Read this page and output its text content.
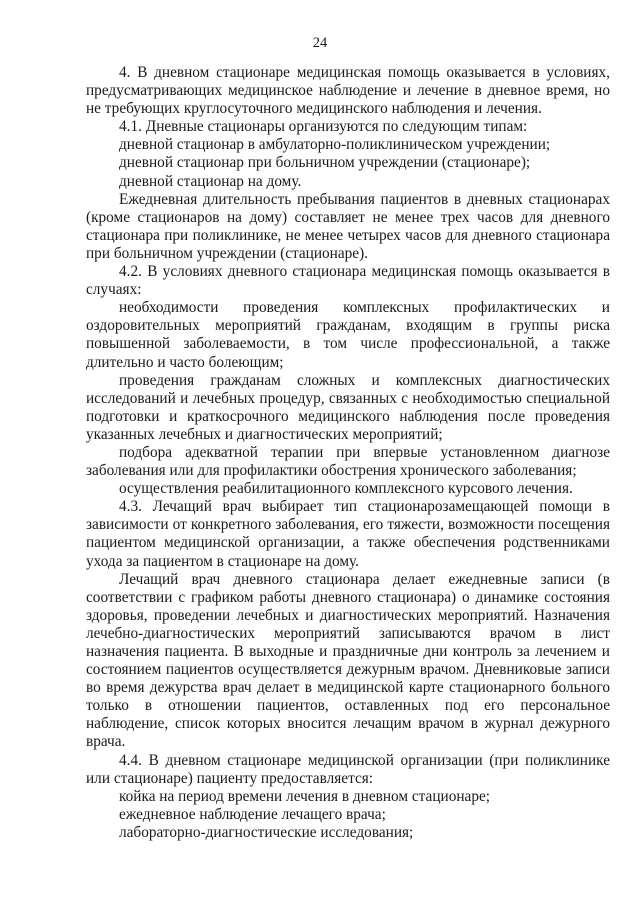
24

4. В дневном стационаре медицинская помощь оказывается в условиях, предусматривающих медицинское наблюдение и лечение в дневное время, но не требующих круглосуточного медицинского наблюдения и лечения.

4.1. Дневные стационары организуются по следующим типам:

дневной стационар в амбулаторно-поликлиническом учреждении;

дневной стационар при больничном учреждении (стационаре);

дневной стационар на дому.

Ежедневная длительность пребывания пациентов в дневных стационарах (кроме стационаров на дому) составляет не менее трех часов для дневного стационара при поликлинике, не менее четырех часов для дневного стационара при больничном учреждении (стационаре).

4.2. В условиях дневного стационара медицинская помощь оказывается в случаях:

необходимости проведения комплексных профилактических и оздоровительных мероприятий гражданам, входящим в группы риска повышенной заболеваемости, в том числе профессиональной, а также длительно и часто болеющим;

проведения гражданам сложных и комплексных диагностических исследований и лечебных процедур, связанных с необходимостью специальной подготовки и краткосрочного медицинского наблюдения после проведения указанных лечебных и диагностических мероприятий;

подбора адекватной терапии при впервые установленном диагнозе заболевания или для профилактики обострения хронического заболевания;

осуществления реабилитационного комплексного курсового лечения.

4.3. Лечащий врач выбирает тип стационарозамещающей помощи в зависимости от конкретного заболевания, его тяжести, возможности посещения пациентом медицинской организации, а также обеспечения родственниками ухода за пациентом в стационаре на дому.

Лечащий врач дневного стационара делает ежедневные записи (в соответствии с графиком работы дневного стационара) о динамике состояния здоровья, проведении лечебных и диагностических мероприятий. Назначения лечебно-диагностических мероприятий записываются врачом в лист назначения пациента. В выходные и праздничные дни контроль за лечением и состоянием пациентов осуществляется дежурным врачом. Дневниковые записи во время дежурства врач делает в медицинской карте стационарного больного только в отношении пациентов, оставленных под его персональное наблюдение, список которых вносится лечащим врачом в журнал дежурного врача.

4.4. В дневном стационаре медицинской организации (при поликлинике или стационаре) пациенту предоставляется:

койка на период времени лечения в дневном стационаре;

ежедневное наблюдение лечащего врача;

лабораторно-диагностические исследования;
